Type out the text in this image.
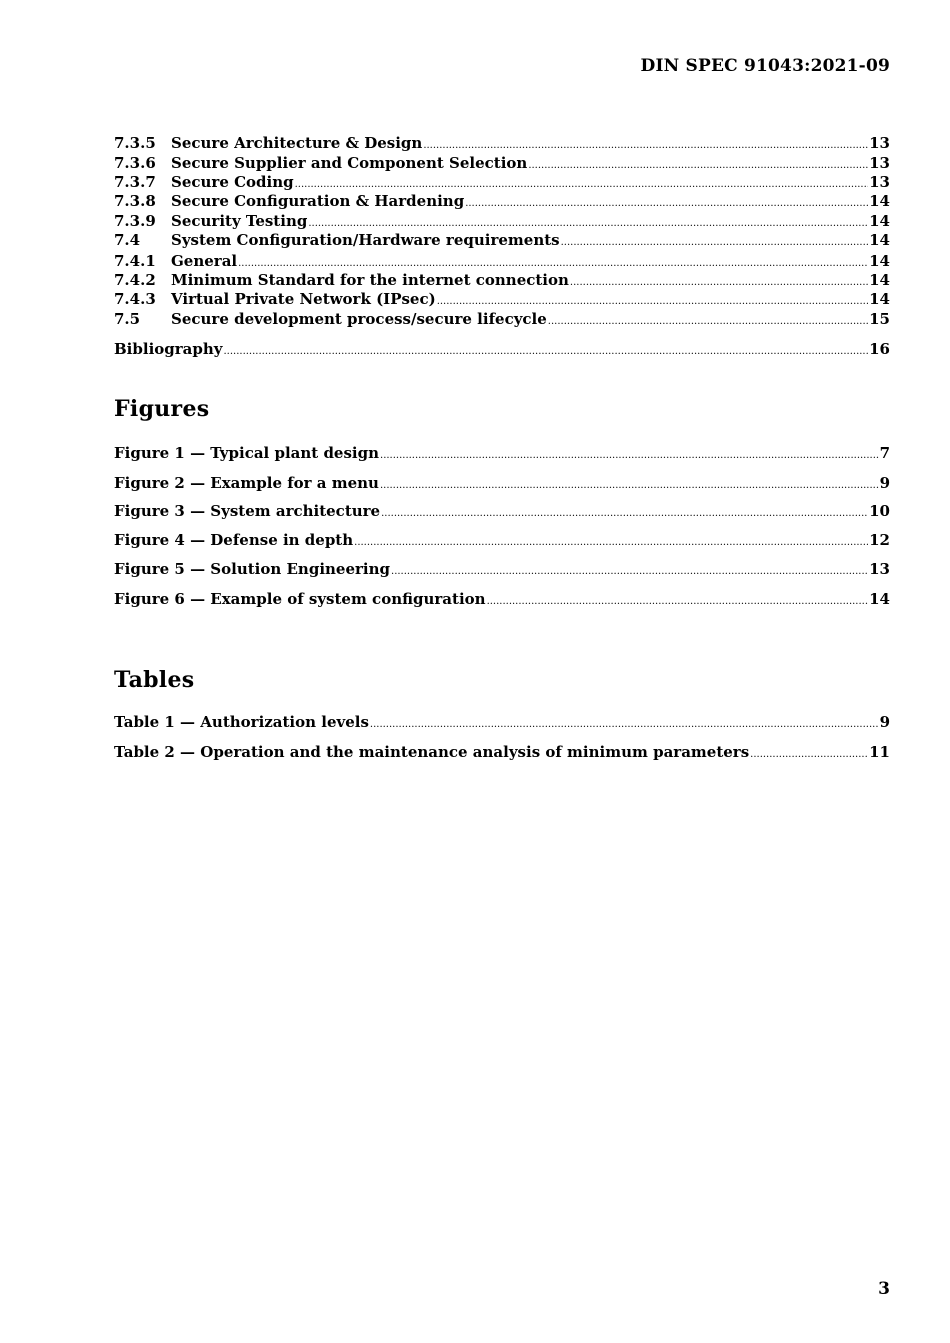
DIN SPEC 91043:2021-09
7.3.5	Secure Architecture & Design .....	13
7.3.6	Secure Supplier and Component Selection .....	13
7.3.7	Secure Coding .....	13
7.3.8	Secure Configuration & Hardening .....	14
7.3.9	Security Testing .....	14
7.4	System Configuration/Hardware requirements .....	14
7.4.1	General .....	14
7.4.2	Minimum Standard for the internet connection .....	14
7.4.3	Virtual Private Network (IPsec) .....	14
7.5	Secure development process/secure lifecycle .....	15
Bibliography .....	16
Figures
Figure 1 — Typical plant design .....	7
Figure 2 — Example for a menu .....	9
Figure 3 — System architecture .....	10
Figure 4 — Defense in depth .....	12
Figure 5 — Solution Engineering .....	13
Figure 6 — Example of system configuration .....	14
Tables
Table 1 — Authorization levels .....	9
Table 2 — Operation and the maintenance analysis of minimum parameters .....	11
3
